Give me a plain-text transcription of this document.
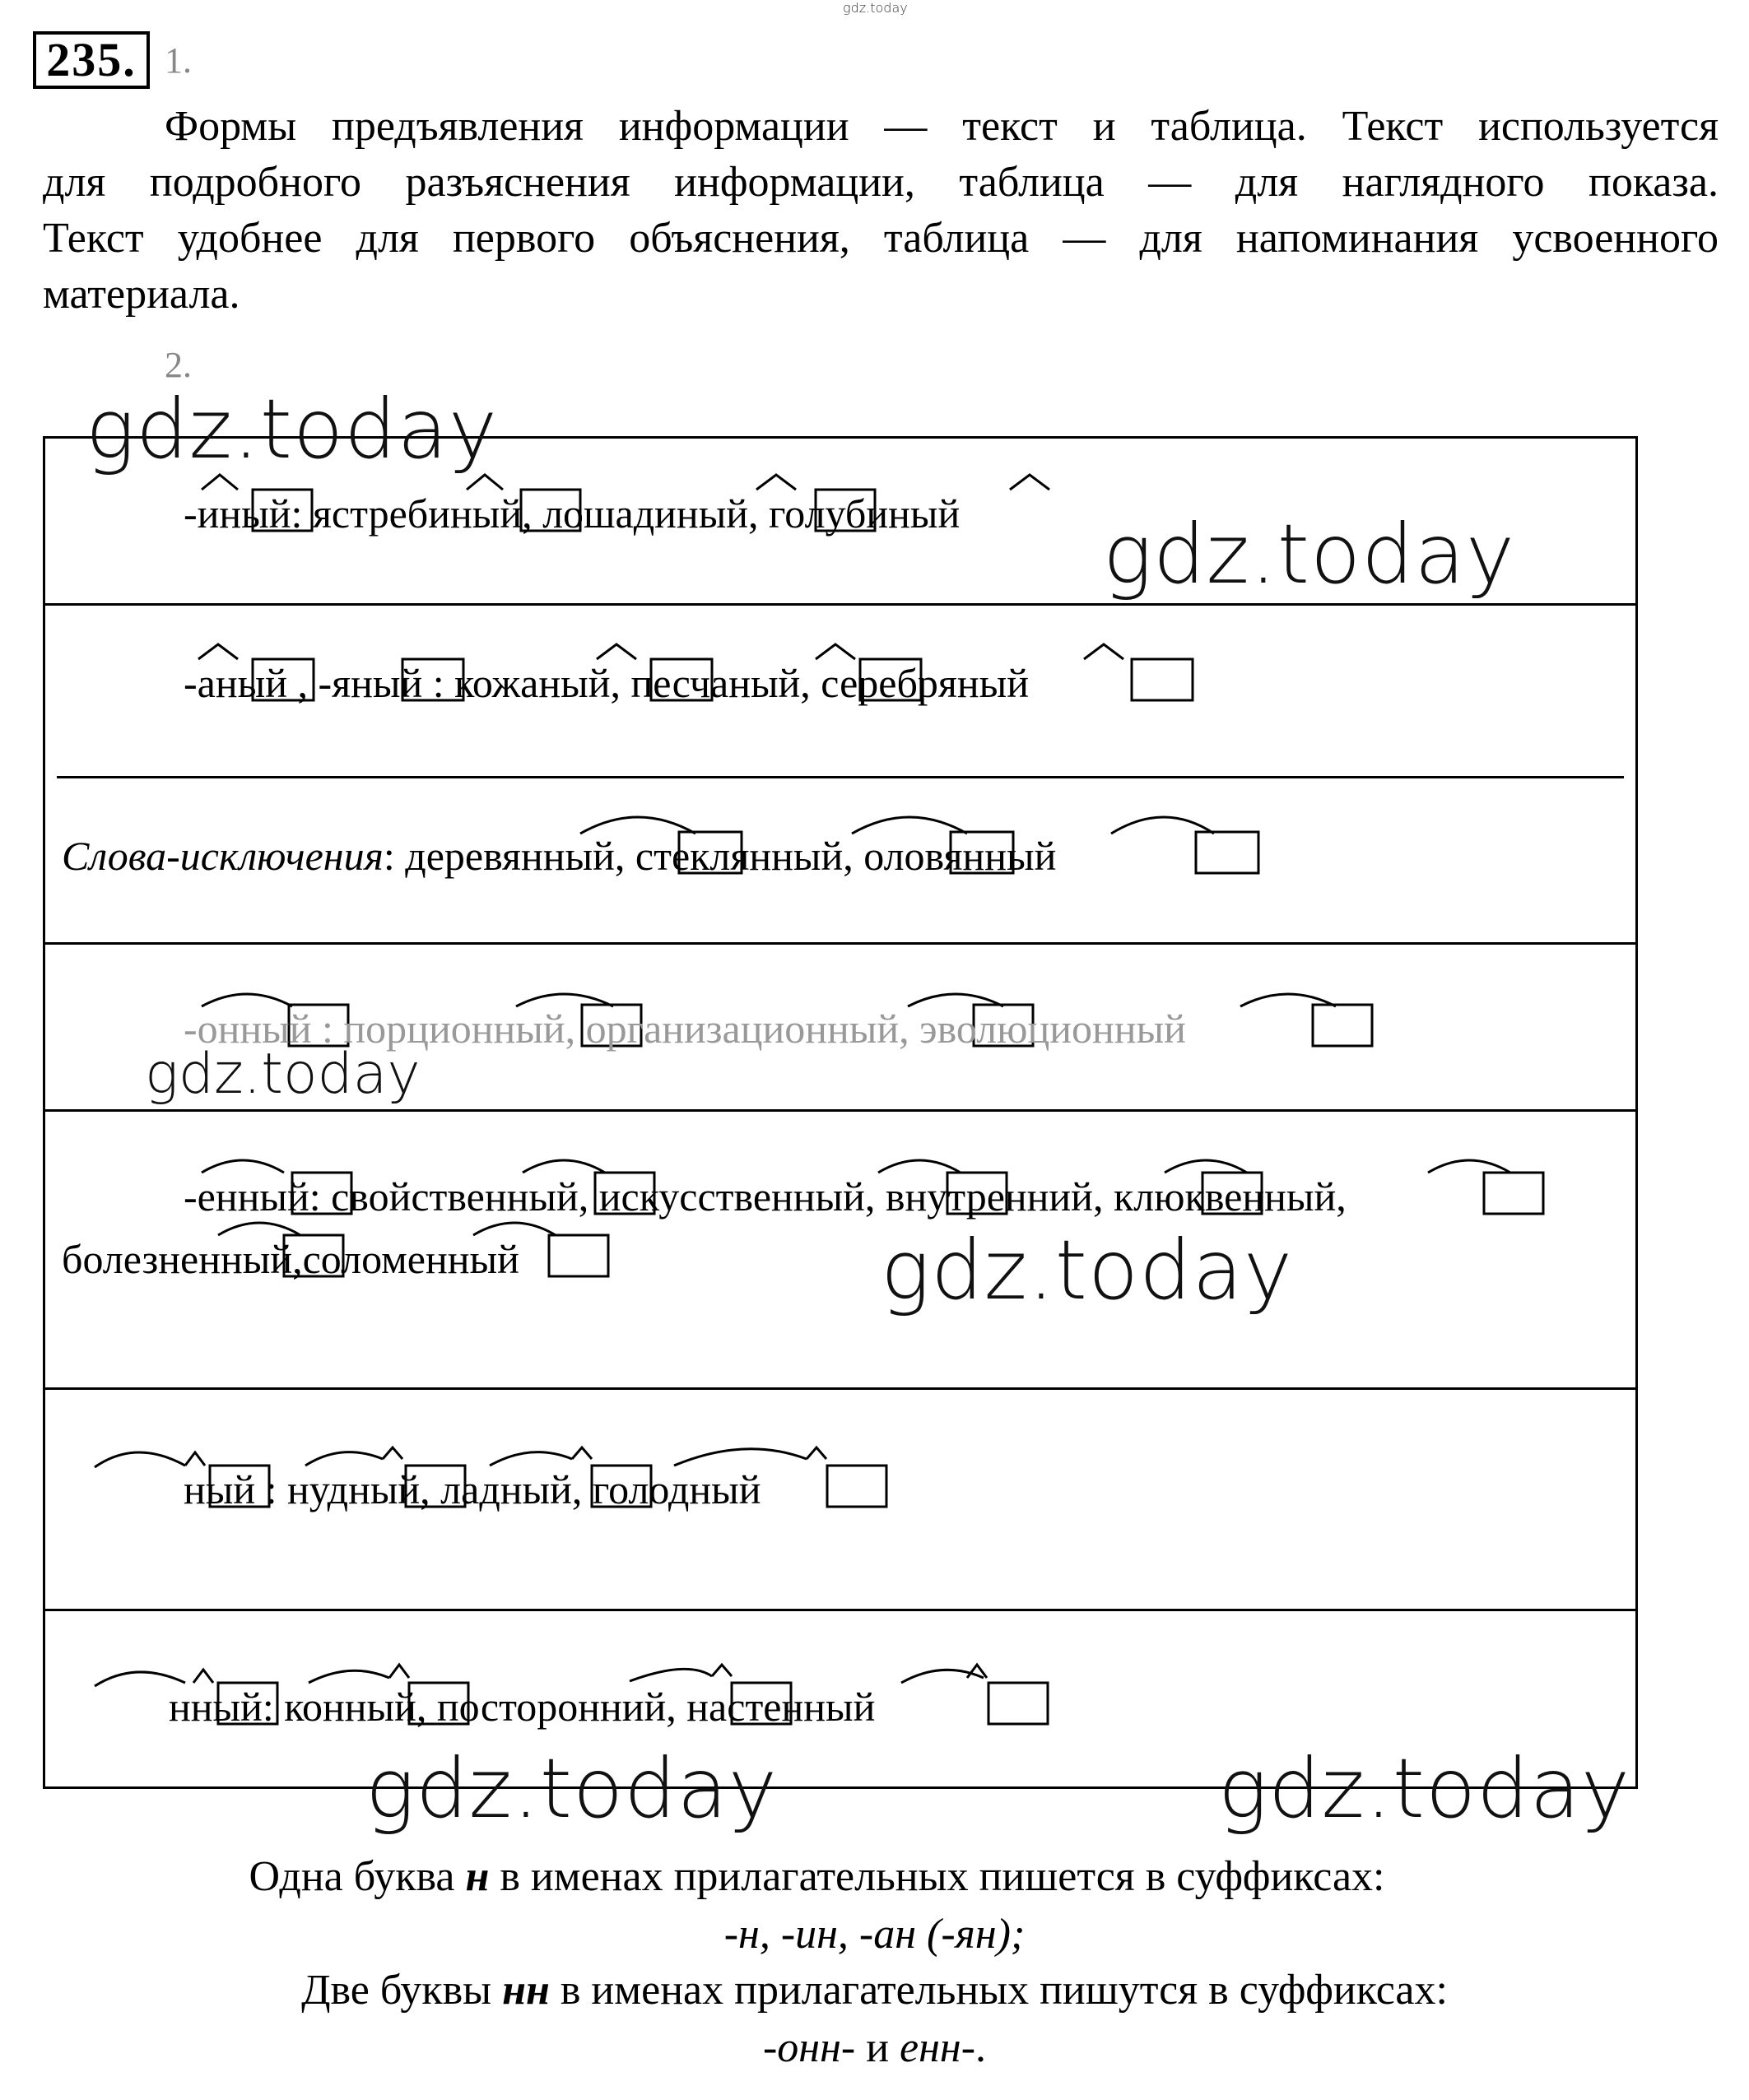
gdz.today
235. 1.
Формы предъявления информации — текст и таблица. Текст используется
для подробного разъяснения информации, таблица — для наглядного показа.
Текст удобнее для первого объяснения, таблица — для напоминания усвоенного
материала.
2.
-иный: ястребиный, лошадиный, голубиный
-аный , -яный : кожаный, песчаный, серебряный
Слова-исключения: деревянный, стеклянный, оловянный
-онный : порционный, организационный, эволюционный
-енный: свойственный, искусственный, внутренний, клюквенный,
болезненный,соломенный
ный : нудный, ладный, голодный
нный: конный, посторонний, настенный
gdz.today
gdz.today
gdz.today
gdz.today
gdz.today	gdz.today
Одна буква н в именах прилагательных пишется в суффиксах:
-н, -ин, -ан (-ян);
Две буквы нн в именах прилагательных пишутся в суффиксах:
-онн- и енн-.
